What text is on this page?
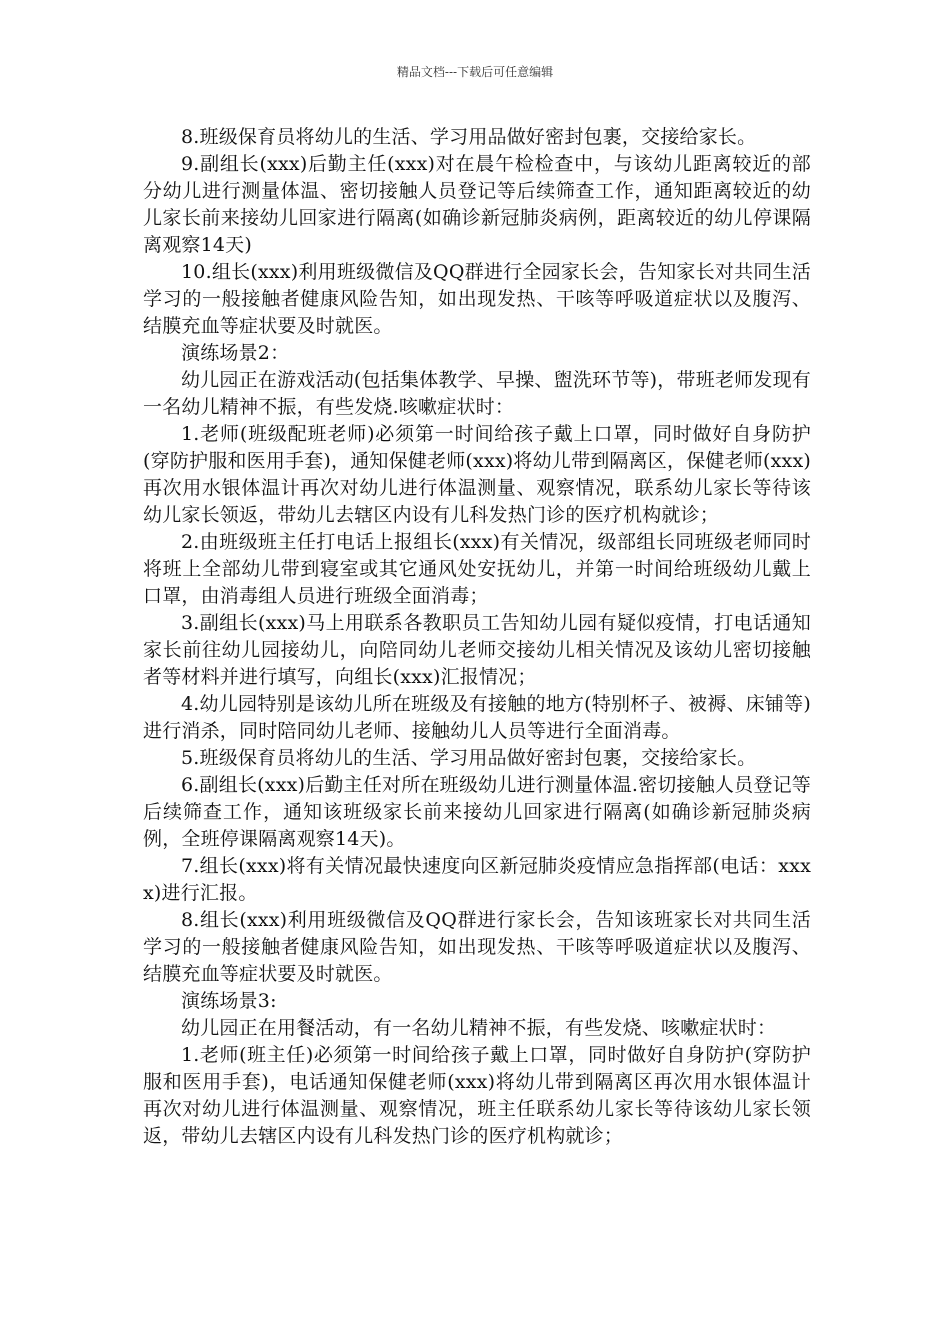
精品文档---下载后可任意编辑

8.班级保育员将幼儿的生活、学习用品做好密封包裹，交接给家长。

9.副组长(xxx)后勤主任(xxx)对在晨午检检查中，与该幼儿距离较近的部分幼儿进行测量体温、密切接触人员登记等后续筛查工作，通知距离较近的幼儿家长前来接幼儿回家进行隔离(如确诊新冠肺炎病例，距离较近的幼儿停课隔离观察14天)

10.组长(xxx)利用班级微信及QQ群进行全园家长会，告知家长对共同生活学习的一般接触者健康风险告知，如出现发热、干咳等呼吸道症状以及腹泻、结膜充血等症状要及时就医。

演练场景2：

幼儿园正在游戏活动(包括集体教学、早操、盥洗环节等)，带班老师发现有一名幼儿精神不振，有些发烧.咳嗽症状时：

1.老师(班级配班老师)必须第一时间给孩子戴上口罩，同时做好自身防护(穿防护服和医用手套)，通知保健老师(xxx)将幼儿带到隔离区，保健老师(xxx)再次用水银体温计再次对幼儿进行体温测量、观察情况，联系幼儿家长等待该幼儿家长领返，带幼儿去辖区内设有儿科发热门诊的医疗机构就诊；

2.由班级班主任打电话上报组长(xxx)有关情况，级部组长同班级老师同时将班上全部幼儿带到寝室或其它通风处安抚幼儿，并第一时间给班级幼儿戴上口罩，由消毒组人员进行班级全面消毒；

3.副组长(xxx)马上用联系各教职员工告知幼儿园有疑似疫情，打电话通知家长前往幼儿园接幼儿，向陪同幼儿老师交接幼儿相关情况及该幼儿密切接触者等材料并进行填写，向组长(xxx)汇报情况；

4.幼儿园特别是该幼儿所在班级及有接触的地方(特别杯子、被褥、床铺等)进行消杀，同时陪同幼儿老师、接触幼儿人员等进行全面消毒。

5.班级保育员将幼儿的生活、学习用品做好密封包裹，交接给家长。

6.副组长(xxx)后勤主任对所在班级幼儿进行测量体温.密切接触人员登记等后续筛查工作，通知该班级家长前来接幼儿回家进行隔离(如确诊新冠肺炎病例，全班停课隔离观察14天)。

7.组长(xxx)将有关情况最快速度向区新冠肺炎疫情应急指挥部(电话：xxxx)进行汇报。

8.组长(xxx)利用班级微信及QQ群进行家长会，告知该班家长对共同生活学习的一般接触者健康风险告知，如出现发热、干咳等呼吸道症状以及腹泻、结膜充血等症状要及时就医。

演练场景3:

幼儿园正在用餐活动，有一名幼儿精神不振，有些发烧、咳嗽症状时：

1.老师(班主任)必须第一时间给孩子戴上口罩，同时做好自身防护(穿防护服和医用手套)，电话通知保健老师(xxx)将幼儿带到隔离区再次用水银体温计再次对幼儿进行体温测量、观察情况，班主任联系幼儿家长等待该幼儿家长领返，带幼儿去辖区内设有儿科发热门诊的医疗机构就诊；
